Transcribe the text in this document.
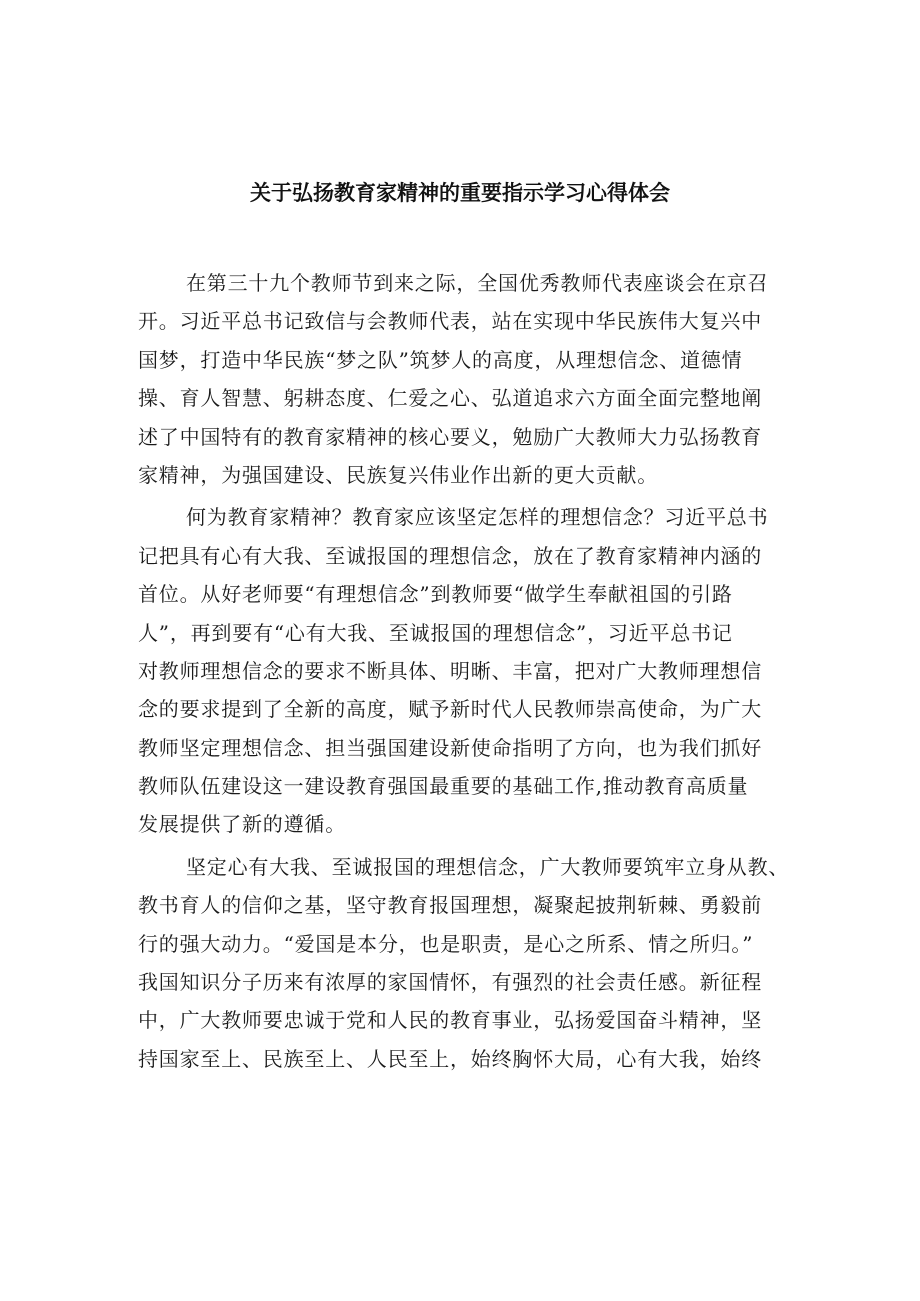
关于弘扬教育家精神的重要指示学习心得体会
在第三十九个教师节到来之际，全国优秀教师代表座谈会在京召
开。习近平总书记致信与会教师代表，站在实现中华民族伟大复兴中
国梦，打造中华民族“梦之队”筑梦人的高度，从理想信念、道德情
操、育人智慧、躬耕态度、仁爱之心、弘道追求六方面全面完整地阐
述了中国特有的教育家精神的核心要义，勉励广大教师大力弘扬教育
家精神，为强国建设、民族复兴伟业作出新的更大贡献。
何为教育家精神？教育家应该坚定怎样的理想信念？习近平总书
记把具有心有大我、至诚报国的理想信念，放在了教育家精神内涵的
首位。从好老师要“有理想信念”到教师要“做学生奉献祖国的引路
人”，再到要有“心有大我、至诚报国的理想信念”，习近平总书记
对教师理想信念的要求不断具体、明晰、丰富，把对广大教师理想信
念的要求提到了全新的高度，赋予新时代人民教师崇高使命，为广大
教师坚定理想信念、担当强国建设新使命指明了方向，也为我们抓好
教师队伍建设这一建设教育强国最重要的基础工作,推动教育高质量
发展提供了新的遵循。
坚定心有大我、至诚报国的理想信念，广大教师要筑牢立身从教、
教书育人的信仰之基，坚守教育报国理想，凝聚起披荆斩棘、勇毅前
行的强大动力。“爱国是本分，也是职责，是心之所系、情之所归。”
我国知识分子历来有浓厚的家国情怀，有强烈的社会责任感。新征程
中，广大教师要忠诚于党和人民的教育事业，弘扬爱国奋斗精神，坚
持国家至上、民族至上、人民至上，始终胸怀大局，心有大我，始终
